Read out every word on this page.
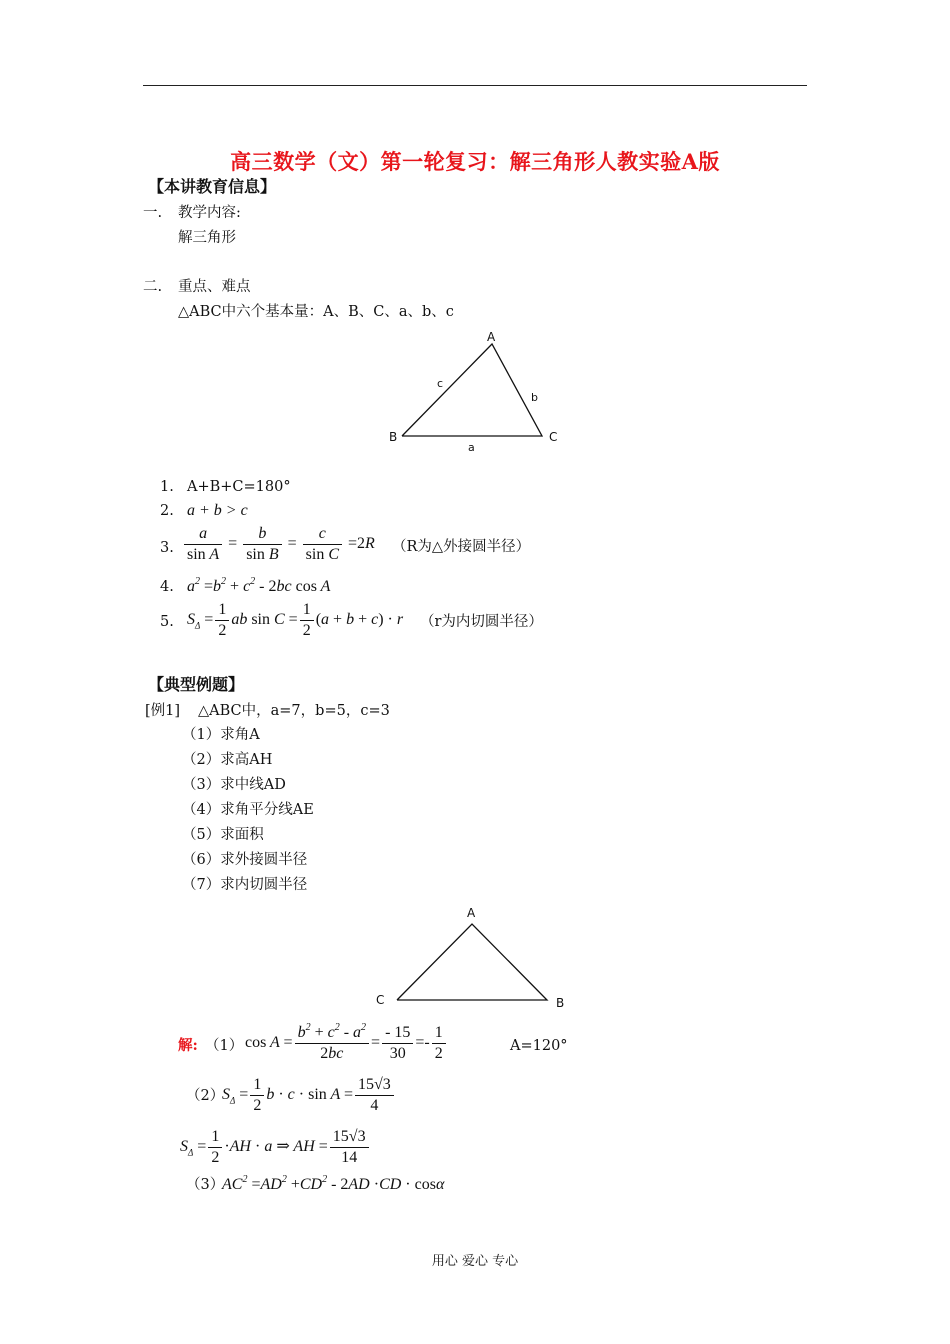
高三数学（文）第一轮复习：解三角形人教实验A版
【本讲教育信息】
一. 教学内容:
解三角形
二. 重点、难点
△ABC中六个基本量：A、B、C、a、b、c
A
B	C
a
b
c
1. A+B+C=180°
2. a + b > c
3. $\frac{a}{\text{sin A}} = \frac{b}{\text{sin B}} = \frac{c}{\text{sin C}} =2R$ （R为△外接圆半径）
4. $a^2 =b^2 + c^2 - 2bc$ cos A
5. $S_\Delta = \frac{1}{2}$ ab $\sin C = \frac{1}{2} (a + b + c) \cdot r$ （r为内切圆半径）
【典型例题】
[例1] △ABC中，a=7，b=5，c=3
（1）求角A
（2）求高AH
（3）求中线AD
（4）求角平分线AE
（5）求面积
（6）求外接圆半径
（7）求内切圆半径
A
C	B
解: （1） $\cos A = \frac{b^2 + c^2 - a^2}{2bc} = \frac{- 15}{30} =- \frac{1}{2}$	A=120°
（2）
$S_\Delta = \frac{1}{2}$ $b \cdot c \cdot \sin A = \frac{15√3}{4}$
$S_\Delta = \frac{1}{2} \cdot AH \cdot a$ ⇒ AH = $\frac{15√3}{14}$
（3）
$AC^2 =AD^2 +CD^2 - 2AD \cdot CD \cdot \cos\alpha$
用心 爱心 专心
